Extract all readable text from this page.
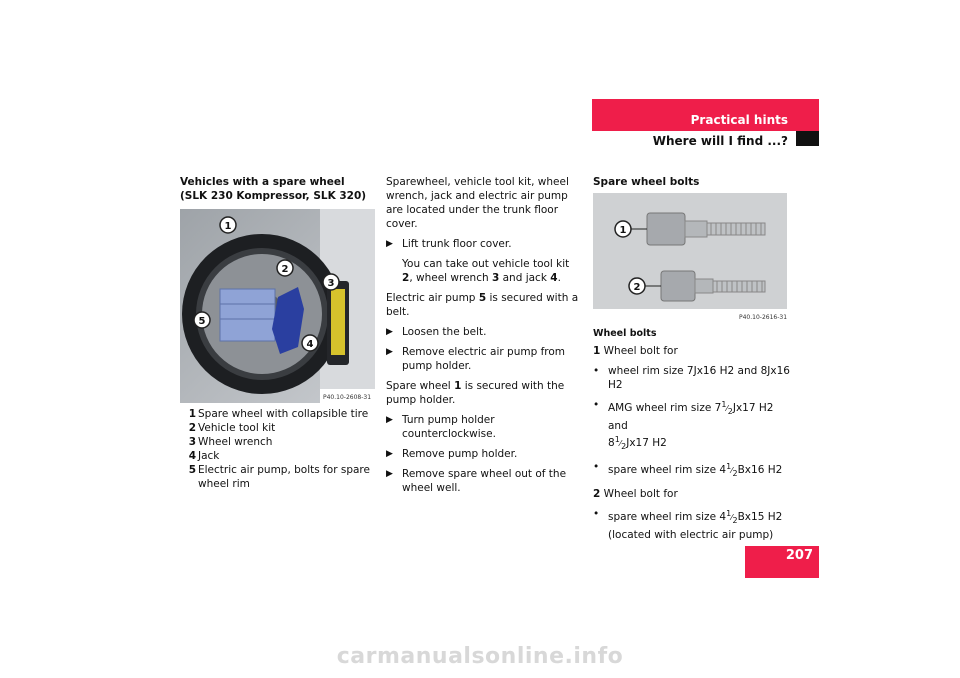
Practical hints
Where will I find ...?

Vehicles with a spare wheel

(SLK 230 Kompressor, SLK 320)

P40.10-2608-31
1
2
3
4
5
1 Spare wheel with collapsible tire
2 Vehicle tool kit
3 Wheel wrench
4 Jack
5 Electric air pump, bolts for spare wheel rim

Sparewheel, vehicle tool kit, wheel wrench, jack and electric air pump are located under the trunk floor cover.

▶ Lift trunk floor cover.

You can take out vehicle tool kit 2, wheel wrench 3 and jack 4.

Electric air pump 5 is secured with a belt.

▶ Loosen the belt.
▶ Remove electric air pump from pump holder.

Spare wheel 1 is secured with the pump holder.

▶ Turn pump holder counterclockwise.
▶ Remove pump holder.
▶ Remove spare wheel out of the wheel well.

Spare wheel bolts

1
2
P40.10-2616-31

Wheel bolts

1 Wheel bolt for
• wheel rim size 7Jx16 H2 and 8Jx16 H2
• AMG wheel rim size 71⁄2Jx17 H2 and
81⁄2Jx17 H2
• spare wheel rim size 41⁄2Bx16 H2
2 Wheel bolt for
• spare wheel rim size 41⁄2Bx15 H2
(located with electric air pump)
207
carmanualsonline.info
